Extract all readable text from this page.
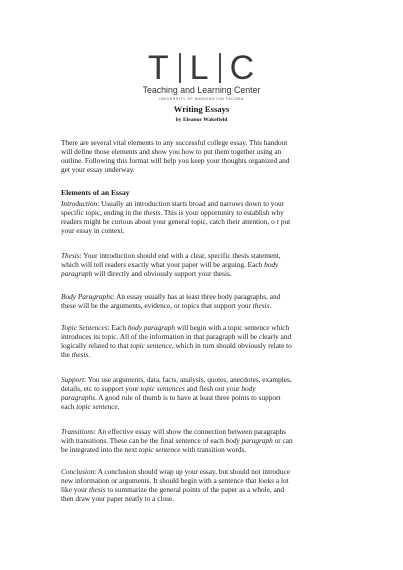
T L C
Teaching and Learning Center
UNIVERSITY OF WASHINGTON TACOMA
Writing Essays
by Eleanor Wakefield
There are several vital elements to any successful college essay. This handout
will define those elements and show you how to put them together using an
outline. Following this format will help you keep your thoughts organized and
get your essay underway.
Elements of an Essay
Introduction: Usually an introduction starts broad and narrows down to your
specific topic, ending in the thesis. This is your opportunity to establish why
readers might be curious about your general topic, catch their attention, o r put
your essay in context.
Thesis: Your introduction should end with a clear, specific thesis statement,
which will tell readers exactly what your paper will be arguing. Each body
paragraph will directly and obviously support your thesis.
Body Paragraphs: An essay usually has at least three body paragraphs, and
these will be the arguments, evidence, or topics that support your thesis.
Topic Sentences: Each body paragraph will begin with a topic sentence which
introduces its topic. All of the information in that paragraph will be clearly and
logically related to that topic sentence, which in turn should obviously relate to
the thesis.
Support: You use arguments, data, facts, analysis, quotes, anecdotes, examples,
details, etc to support your topic sentences and flesh out your body
paragraphs. A good rule of thumb is to have at least three points to support
each topic sentence.
Transitions: An effective essay will show the connection between paragraphs
with transitions. These can be the final sentence of each body paragraph or can
be integrated into the next topic sentence with transition words.
Conclusion: A conclusion should wrap up your essay, but should not introduce
new information or arguments. It should begin with a sentence that looks a lot
like your thesis to summarize the general points of the paper as a whole, and
then draw your paper neatly to a close.
